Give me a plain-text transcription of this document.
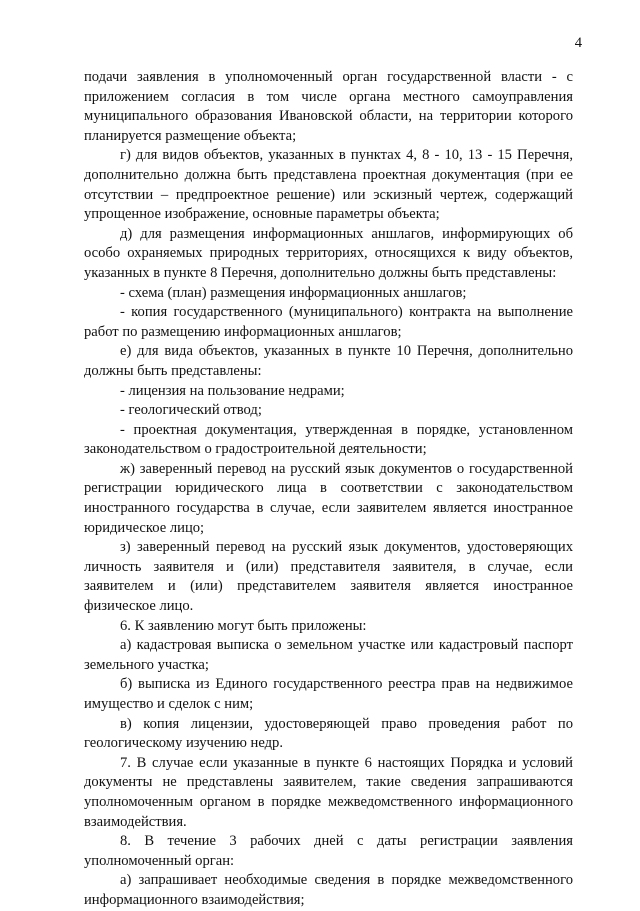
4

подачи заявления в уполномоченный орган государственной власти - с приложением согласия в том числе органа местного самоуправления муниципального образования Ивановской области, на территории которого планируется размещение объекта;

г) для видов объектов, указанных в пунктах 4, 8 - 10, 13 - 15 Перечня, дополнительно должна быть представлена проектная документация (при ее отсутствии – предпроектное решение) или эскизный чертеж, содержащий упрощенное изображение, основные параметры объекта;

д) для размещения информационных аншлагов, информирующих об особо охраняемых природных территориях, относящихся к виду объектов, указанных в пункте 8 Перечня, дополнительно должны быть представлены:

- схема (план) размещения информационных аншлагов;

- копия государственного (муниципального) контракта на выполнение работ по размещению информационных аншлагов;

е) для вида объектов, указанных в пункте 10 Перечня, дополнительно должны быть представлены:

- лицензия на пользование недрами;

- геологический отвод;

- проектная документация, утвержденная в порядке, установленном законодательством о градостроительной деятельности;

ж) заверенный перевод на русский язык документов о государственной регистрации юридического лица в соответствии с законодательством иностранного государства в случае, если заявителем является иностранное юридическое лицо;

з) заверенный перевод на русский язык документов, удостоверяющих личность заявителя и (или) представителя заявителя, в случае, если заявителем и (или) представителем заявителя является иностранное физическое лицо.

6. К заявлению могут быть приложены:

а) кадастровая выписка о земельном участке или кадастровый паспорт земельного участка;

б) выписка из Единого государственного реестра прав на недвижимое имущество и сделок с ним;

в) копия лицензии, удостоверяющей право проведения работ по геологическому изучению недр.

7. В случае если указанные в пункте 6 настоящих Порядка и условий документы не представлены заявителем, такие сведения запрашиваются уполномоченным органом в порядке межведомственного информационного взаимодействия.

8. В течение 3 рабочих дней с даты регистрации заявления уполномоченный орган:

а) запрашивает необходимые сведения в порядке межведомственного информационного взаимодействия;
